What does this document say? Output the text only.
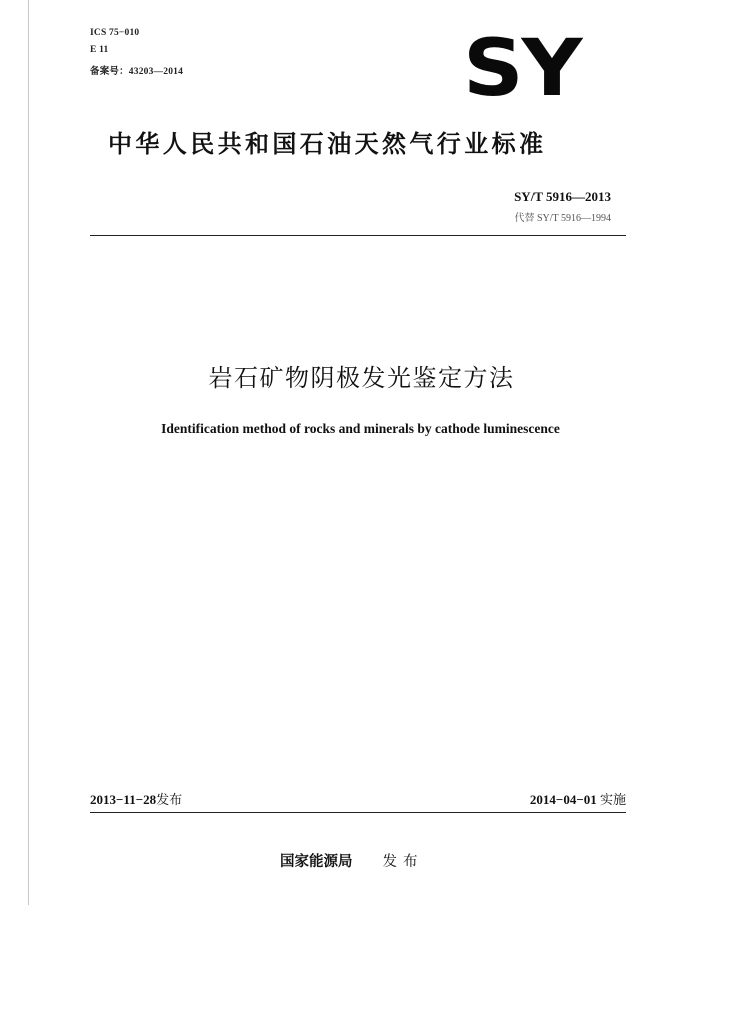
ICS 75−010
E 11
备案号：43203—2014	SY
中华人民共和国石油天然气行业标准
SY/T 5916—2013
代替 SY/T 5916—1994
岩石矿物阴极发光鉴定方法
Identification method of rocks and minerals by cathode luminescence
2013−11−28发布	2014−04−01 实施
国家能源局 发布
